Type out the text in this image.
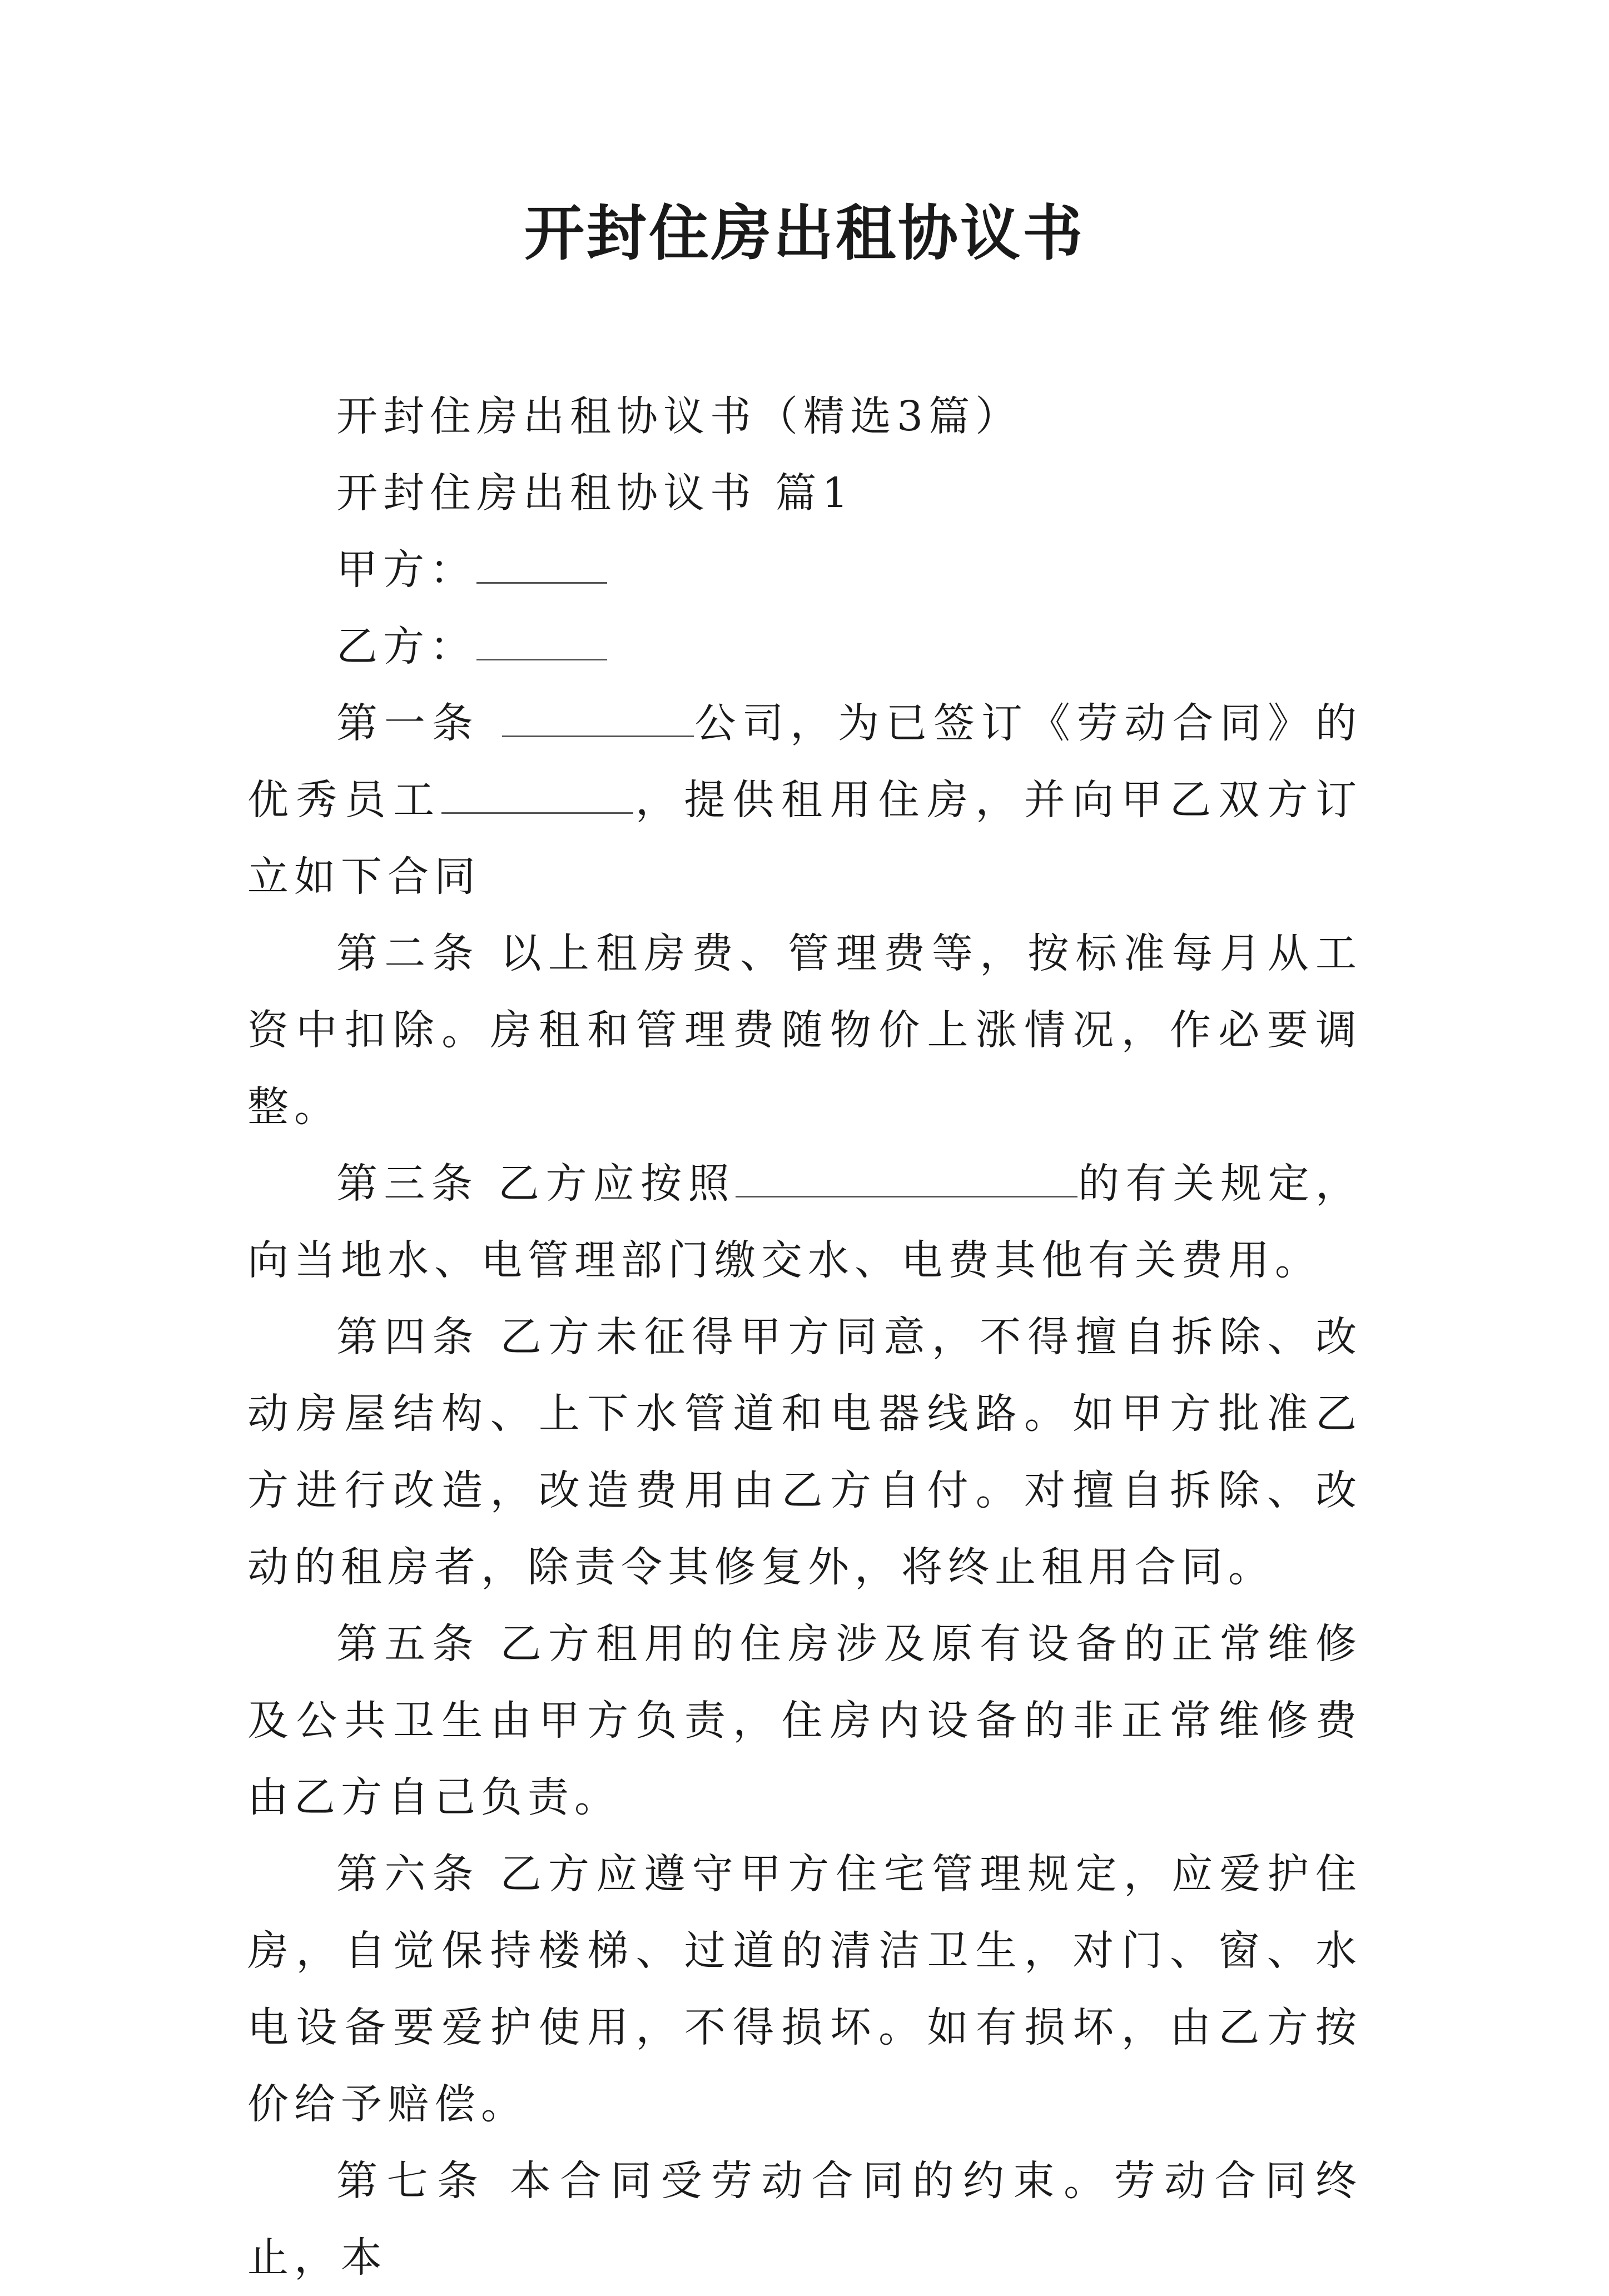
开封住房出租协议书

开封住房出租协议书（精选3篇）

开封住房出租协议书 篇1

甲方：

乙方：

第一条	公司，为已签订《劳动合同》的优秀员工	，提供租用住房，并向甲乙双方订立如下合同

第二条 以上租房费、管理费等，按标准每月从工资中扣除。房租和管理费随物价上涨情况，作必要调整。

第三条 乙方应按照	的有关规定，向当地水、电管理部门缴交水、电费其他有关费用。

第四条 乙方未征得甲方同意，不得擅自拆除、改动房屋结构、上下水管道和电器线路。如甲方批准乙方进行改造，改造费用由乙方自付。对擅自拆除、改动的租房者，除责令其修复外，将终止租用合同。

第五条 乙方租用的住房涉及原有设备的正常维修及公共卫生由甲方负责，住房内设备的非正常维修费由乙方自己负责。

第六条 乙方应遵守甲方住宅管理规定，应爱护住房，自觉保持楼梯、过道的清洁卫生，对门、窗、水电设备要爱护使用，不得损坏。如有损坏，由乙方按价给予赔偿。

第七条 本合同受劳动合同的约束。劳动合同终止，本
